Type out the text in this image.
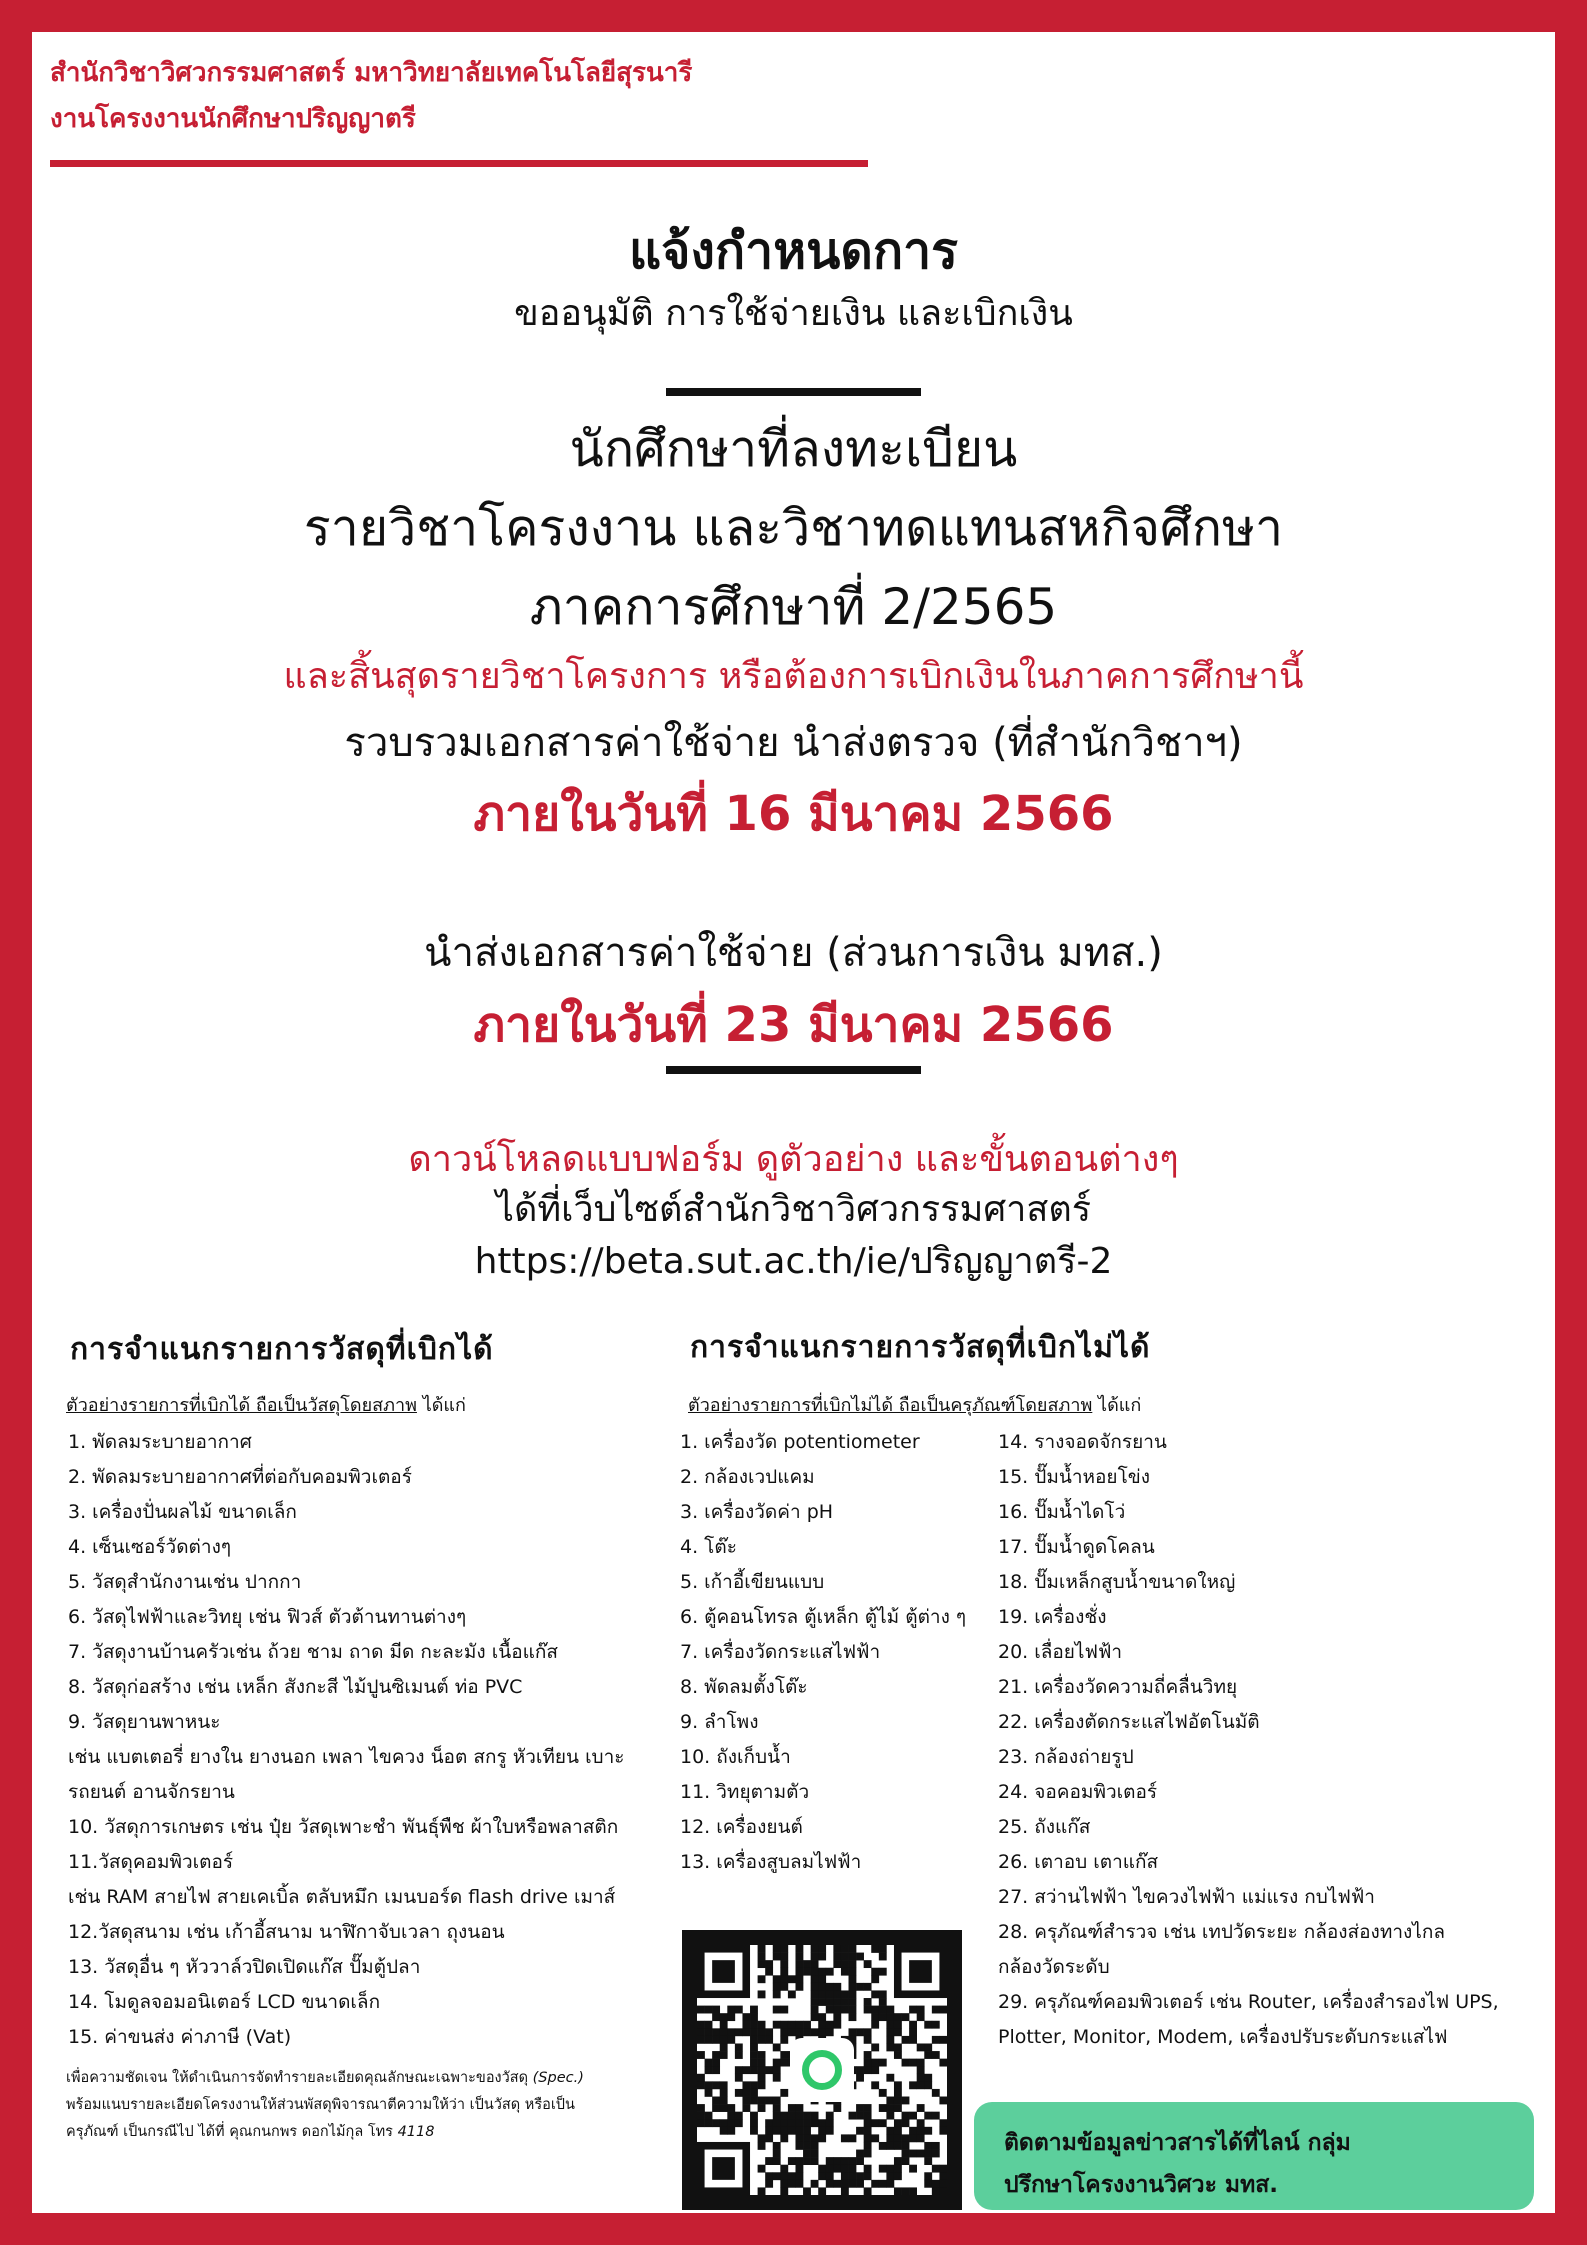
สำนักวิชาวิศวกรรมศาสตร์ มหาวิทยาลัยเทคโนโลยีสุรนารี
งานโครงงานนักศึกษาปริญญาตรี
แจ้งกำหนดการ
ขออนุมัติ การใช้จ่ายเงิน และเบิกเงิน
นักศึกษาที่ลงทะเบียน
รายวิชาโครงงาน และวิชาทดแทนสหกิจศึกษา
ภาคการศึกษาที่ 2/2565
และสิ้นสุดรายวิชาโครงการ หรือต้องการเบิกเงินในภาคการศึกษานี้
รวบรวมเอกสารค่าใช้จ่าย นำส่งตรวจ (ที่สำนักวิชาฯ)
ภายในวันที่ 16 มีนาคม 2566
นำส่งเอกสารค่าใช้จ่าย (ส่วนการเงิน มทส.)
ภายในวันที่ 23 มีนาคม 2566
ดาวน์โหลดแบบฟอร์ม ดูตัวอย่าง และขั้นตอนต่างๆ
ได้ที่เว็บไซต์สำนักวิชาวิศวกรรมศาสตร์
https://beta.sut.ac.th/ie/ปริญญาตรี-2
การจำแนกรายการวัสดุที่เบิกได้
ตัวอย่างรายการที่เบิกได้ ถือเป็นวัสดุโดยสภาพ ได้แก่
1. พัดลมระบายอากาศ
2. พัดลมระบายอากาศที่ต่อกับคอมพิวเตอร์
3. เครื่องปั่นผลไม้ ขนาดเล็ก
4. เซ็นเซอร์วัดต่างๆ
5. วัสดุสำนักงานเช่น ปากกา
6. วัสดุไฟฟ้าและวิทยุ เช่น ฟิวส์ ตัวต้านทานต่างๆ
7. วัสดุงานบ้านครัวเช่น ถ้วย ชาม ถาด มีด กะละมัง เนื้อแก๊ส
8. วัสดุก่อสร้าง เช่น เหล็ก สังกะสี ไม้ปูนซิเมนต์ ท่อ PVC
9. วัสดุยานพาหนะ
เช่น แบตเตอรี่ ยางใน ยางนอก เพลา ไขควง น็อต สกรู หัวเทียน เบาะ
รถยนต์ อานจักรยาน
10. วัสดุการเกษตร เช่น ปุ๋ย วัสดุเพาะชำ พันธุ์พืช ผ้าใบหรือพลาสติก
11.วัสดุคอมพิวเตอร์
เช่น RAM สายไฟ สายเคเบิ้ล ตลับหมึก เมนบอร์ด flash drive เมาส์
12.วัสดุสนาม เช่น เก้าอี้สนาม นาฬิกาจับเวลา ถุงนอน
13. วัสดุอื่น ๆ หัววาล์วปิดเปิดแก๊ส ปั๊มตู้ปลา
14. โมดูลจอมอนิเตอร์ LCD ขนาดเล็ก
15. ค่าขนส่ง ค่าภาษี (Vat)
เพื่อความชัดเจน ให้ดำเนินการจัดทำรายละเอียดคุณลักษณะเฉพาะของวัสดุ (Spec.)
พร้อมแนบรายละเอียดโครงงานให้ส่วนพัสดุพิจารณาตีความให้ว่า เป็นวัสดุ หรือเป็น
ครุภัณฑ์ เป็นกรณีไป ได้ที่ คุณกนกพร ดอกไม้กุล โทร 4118
การจำแนกรายการวัสดุที่เบิกไม่ได้
ตัวอย่างรายการที่เบิกไม่ได้ ถือเป็นครุภัณฑ์โดยสภาพ ได้แก่
1. เครื่องวัด potentiometer
2. กล้องเวปแคม
3. เครื่องวัดค่า pH
4. โต๊ะ
5. เก้าอี้เขียนแบบ
6. ตู้คอนโทรล ตู้เหล็ก ตู้ไม้ ตู้ต่าง ๆ
7. เครื่องวัดกระแสไฟฟ้า
8. พัดลมตั้งโต๊ะ
9. ลำโพง
10. ถังเก็บน้ำ
11. วิทยุตามตัว
12. เครื่องยนต์
13. เครื่องสูบลมไฟฟ้า
14. รางจอดจักรยาน
15. ปั๊มน้ำหอยโข่ง
16. ปั๊มน้ำไดโว่
17. ปั๊มน้ำดูดโคลน
18. ปั๊มเหล็กสูบน้ำขนาดใหญ่
19. เครื่องชั่ง
20. เลื่อยไฟฟ้า
21. เครื่องวัดความถี่คลื่นวิทยุ
22. เครื่องตัดกระแสไฟอัตโนมัติ
23. กล้องถ่ายรูป
24. จอคอมพิวเตอร์
25. ถังแก๊ส
26. เตาอบ เตาแก๊ส
27. สว่านไฟฟ้า ไขควงไฟฟ้า แม่แรง กบไฟฟ้า
28. ครุภัณฑ์สำรวจ เช่น เทปวัดระยะ กล้องส่องทางไกล
กล้องวัดระดับ
29. ครุภัณฑ์คอมพิวเตอร์ เช่น Router, เครื่องสำรองไฟ UPS,
Plotter, Monitor, Modem, เครื่องปรับระดับกระแสไฟ
ติดตามข้อมูลข่าวสารได้ที่ไลน์ กลุ่ม
ปรึกษาโครงงานวิศวะ มทส.
